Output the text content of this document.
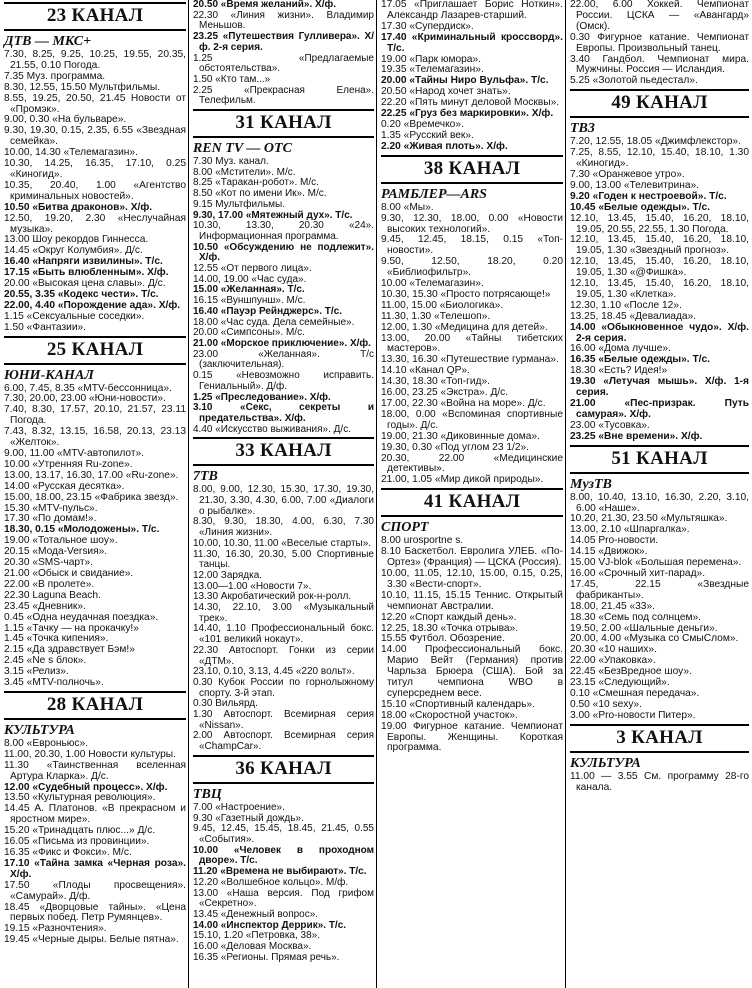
23 КАНАЛ
ДТВ — МКС+

7.30, 8.25, 9.25, 10.25, 19.55, 20.35, 21.55, 0.10 Погода.

7.35 Муз. программа.

8.30, 12.55, 15.50 Мультфильмы.

8.55, 19.25, 20.50, 21.45 Новости от «Промэк».

9.00, 0.30 «На бульваре».

9.30, 19.30, 0.15, 2.35, 6.55 «Звездная семейка».

10.00, 14.30 «Телемагазин».

10.30, 14.25, 16.35, 17.10, 0.25 «Киногид».

10.35, 20.40, 1.00 «Агентство криминальных новостей».

10.50 «Битва драконов». Х/ф.

12.50, 19.20, 2.30 «Неслучайная музыка».

13.00 Шоу рекордов Гиннесса.

14.45 «Округ Колумбия». Д/с.

16.40 «Напряги извилины». Т/с.

17.15 «Быть влюбленным». Х/ф.

20.00 «Высокая цена славы». Д/с.

20.55, 3.35 «Кодекс чести». Т/с.

22.00, 4.40 «Порождение ада». Х/ф.

1.15 «Сексуальные соседки».

1.50 «Фантазии».

25 КАНАЛ
ЮНИ-КАНАЛ

6.00, 7.45, 8.35 «MTV-бессонница».

7.30, 20.00, 23.00 «Юни-новости».

7.40, 8.30, 17.57, 20.10, 21.57, 23.11 Погода.

7.43, 8.32, 13.15, 16.58, 20.13, 23.13 «Желток».

9.00, 11.00 «MTV-автопилот».

10.00 «Утренняя Ru-zone».

13.00, 13.17, 16.30, 17.00 «Ru-zone».

14.00 «Русская десятка».

15.00, 18.00, 23.15 «Фабрика звезд».

15.30 «MTV-пульс».

17.30 «По домам!».

18.30, 0.15 «Молодожены». Т/с.

19.00 «Тотальное шоу».

20.15 «Мода-Versия».

20.30 «SMS-чарт».

21.00 «Обыск и свидание».

22.00 «В пролете».

22.30 Laguna Beach.

23.45 «Дневник».

0.45 «Одна неудачная поездка».

1.15 «Тачку — на прокачку!»

1.45 «Точка кипения».

2.15 «Да здравствует Бэм!»

2.45 «Ne s блок».

3.15 «Релиз».

3.45 «MTV-полночь».

28 КАНАЛ
КУЛЬТУРА

8.00 «Евроньюс».

11.00, 20.30, 1.00 Новости культуры.

11.30 «Таинственная вселенная Артура Кларка». Д/с.

12.00 «Судебный процесс». Х/ф.

13.50 «Культурная революция».

14.45 А. Платонов. «В прекрасном и яростном мире».

15.20 «Тринадцать плюс...» Д/с.

16.05 «Письма из провинции».

16.35 «Фикс и Фокси». М/с.

17.10 «Тайна замка «Черная роза». Х/ф.

17.50 «Плоды просвещения». «Самурай». Д/ф.

18.45 «Дворцовые тайны». «Цена первых побед. Петр Румянцев».

19.15 «Разночтения».

19.45 «Черные дыры. Белые пятна».

20.50 «Время желаний». Х/ф.

22.30 «Линия жизни». Владимир Меньшов.

23.25 «Путешествия Гулливера». Х/ф. 2-я серия.

1.25 «Предлагаемые обстоятельства».

1.50 «Кто там...»

2.25 «Прекрасная Елена». Телефильм.

31 КАНАЛ
REN TV — ОТС

7.30 Муз. канал.

8.00 «Мстители». М/с.

8.25 «Таракан-робот». М/с.

8.50 «Кот по имени Ик». М/с.

9.15 Мультфильмы.

9.30, 17.00 «Мятежный дух». Т/с.

10.30, 13.30, 20.30 «24». Информационная программа.

10.50 «Обсуждению не подлежит». Х/ф.

12.55 «От первого лица».

14.00, 19.00 «Час суда».

15.00 «Желанная». Т/с.

16.15 «Вуншпунш». М/с.

16.40 «Пауэр Рейнджерс». Т/с.

18.00 «Час суда. Дела семейные».

20.00 «Симпсоны». М/с.

21.00 «Морское приключение». Х/ф.

23.00 «Желанная». Т/с (заключительная).

0.15 «Невозможно исправить. Гениальный». Д/ф.

1.25 «Преследование». Х/ф.

3.10 «Секс, секреты и предательства». Х/ф.

4.40 «Искусство выживания». Д/с.

33 КАНАЛ
7ТВ

8.00, 9.00, 12.30, 15.30, 17.30, 19.30, 21.30, 3.30, 4.30, 6.00, 7.00 «Диалоги о рыбалке».

8.30, 9.30, 18.30, 4.00, 6.30, 7.30 «Линия жизни».

10.00, 10.30, 11.00 «Веселые старты».

11.30, 16.30, 20.30, 5.00 Спортивные танцы.

12.00 Зарядка.

13.00—1.00 «Новости 7».

13.30 Акробатический рок-н-ролл.

14.30, 22.10, 3.00 «Музыкальный трек».

14.40, 1.10 Профессиональный бокс. «101 великий нокаут».

22.30 Автоспорт. Гонки из серии «ДТМ».

23.10, 0.10, 3.13, 4.45 «220 вольт».

0.30 Кубок России по горнолыжному спорту. 3-й этап.

0.30 Вильярд.

1.30 Автоспорт. Всемирная серия «Nissan».

2.00 Автоспорт. Всемирная серия «ChampCar».

36 КАНАЛ
ТВЦ

7.00 «Настроение».

9.30 «Газетный дождь».

9.45, 12.45, 15.45, 18.45, 21.45, 0.55 «События».

10.00 «Человек в проходном дворе». Т/с.

11.20 «Времена не выбирают». Т/с.

12.20 «Волшебное кольцо». М/ф.

13.00 «Наша версия. Под грифом «Секретно».

13.45 «Денежный вопрос».

14.00 «Инспектор Деррик». Т/с.

15.10, 1.20 «Петровка, 38».

16.00 «Деловая Москва».

16.35 «Регионы. Прямая речь».

17.05 «Приглашает Борис Ноткин». Александр Лазарев-старший.

17.30 «Супердиск».

17.40 «Криминальный кроссворд». Т/с.

19.00 «Парк юмора».

19.35 «Телемагазин».

20.00 «Тайны Ниро Вульфа». Т/с.

20.50 «Народ хочет знать».

22.20 «Пять минут деловой Москвы».

22.25 «Груз без маркировки». Х/ф.

0.20 «Времечко».

1.35 «Русский век».

2.20 «Живая плоть». Х/ф.

38 КАНАЛ
РАМБЛЕР—ARS

8.00 «Мы».

9.30, 12.30, 18.00, 0.00 «Новости высоких технологий».

9.45, 12.45, 18.15, 0.15 «Топ-новости».

9.50, 12.50, 18.20, 0.20 «Библиофильтр».

10.00 «Телемагазин».

10.30, 15.30 «Просто потрясающе!»

11.00, 15.00 «Биологика».

11.30, 1.30 «Телешоп».

12.00, 1.30 «Медицина для детей».

13.00, 20.00 «Тайны тибетских мастеров».

13.30, 16.30 «Путешествие гурмана».

14.10 «Канал QP».

14.30, 18.30 «Топ-гид».

16.00, 23.25 «Экстра». Д/с.

17.00, 22.30 «Война на море». Д/с.

18.00, 0.00 «Вспоминая спортивные годы». Д/с.

19.00, 21.30 «Диковинные дома».

19.30, 0.30 «Под углом 23 1/2».

20.30, 22.00 «Медицинские детективы».

21.00, 1.05 «Мир дикой природы».

41 КАНАЛ
СПОРТ

8.00 urosportne s.

8.10 Баскетбол. Евролига УЛЕБ. «По-Ортез» (Франция) — ЦСКА (Россия).

10.00, 11.05, 12.10, 15.00, 0.15, 0.25, 3.30 «Вести-спорт».

10.10, 11.15, 15.15 Теннис. Открытый чемпионат Австралии.

12.20 «Спорт каждый день».

12.25, 18.30 «Точка отрыва».

15.55 Футбол. Обозрение.

14.00 Профессиональный бокс. Марио Вейт (Германия) против Чарльза Брюера (США). Бой за титул чемпиона WBO в суперсреднем весе.

15.10 «Спортивный календарь».

18.00 «Скоростной участок».

19.00 Фигурное катание. Чемпионат Европы. Женщины. Короткая программа.

22.00, 6.00 Хоккей. Чемпионат России. ЦСКА — «Авангард» (Омск).

0.30 Фигурное катание. Чемпионат Европы. Произвольный танец.

3.40 Гандбол. Чемпионат мира. Мужчины. Россия — Исландия.

5.25 «Золотой пьедестал».

49 КАНАЛ
ТВ3

7.20, 12.55, 18.05 «Джимфлекстор».

7.25, 8.55, 12.10, 15.40, 18.10, 1.30 «Киногид».

7.30 «Оранжевое утро».

9.00, 13.00 «Телевитрина».

9.20 «Годен к нестроевой». Т/с.

10.45 «Белые одежды». Т/с.

12.10, 13.45, 15.40, 16.20, 18.10, 19.05, 20.55, 22.55, 1.30 Погода.

12.10, 13.45, 15.40, 16.20, 18.10, 19.05, 1.30 «Звездный прогноз».

12.10, 13.45, 15.40, 16.20, 18.10, 19.05, 1.30 «@Фишка».

12.10, 13.45, 15.40, 16.20, 18.10, 19.05, 1.30 «Клетка».

12.30, 1.10 «После 12».

13.25, 18.45 «Девалиада».

14.00 «Обыкновенное чудо». Х/ф. 2-я серия.

16.00 «Дома лучше».

16.35 «Белые одежды». Т/с.

18.30 «Есть? Идея!»

19.30 «Летучая мышь». Х/ф. 1-я серия.

21.00 «Пес-призрак. Путь самурая». Х/ф.

23.00 «Тусовка».

23.25 «Вне времени». Х/ф.

51 КАНАЛ
МузТВ

8.00, 10.40, 13.10, 16.30, 2.20, 3.10, 6.00 «Наше».

10.20, 21.30, 23.50 «Мультяшка».

13.00, 2.10 «Шпаргалка».

14.05 Pro-новости.

14.15 «Движок».

15.00 VJ-blok «Большая перемена».

16.00 «Срочный хит-парад».

17.45, 22.15 «Звездные фабриканты».

18.00, 21.45 «33».

18.30 «Семь под солнцем».

19.50, 2.00 «Шальные деньги».

20.00, 4.00 «Музыка со СмыСлом».

20.30 «10 наших».

22.00 «Упаковка».

22.45 «БезВредное шоу».

23.15 «Следующий».

0.10 «Смешная передача».

0.50 «10 sexy».

3.00 «Pro-новости Питер».

3 КАНАЛ
КУЛЬТУРА

11.00 — 3.55 См. программу 28-го канала.
